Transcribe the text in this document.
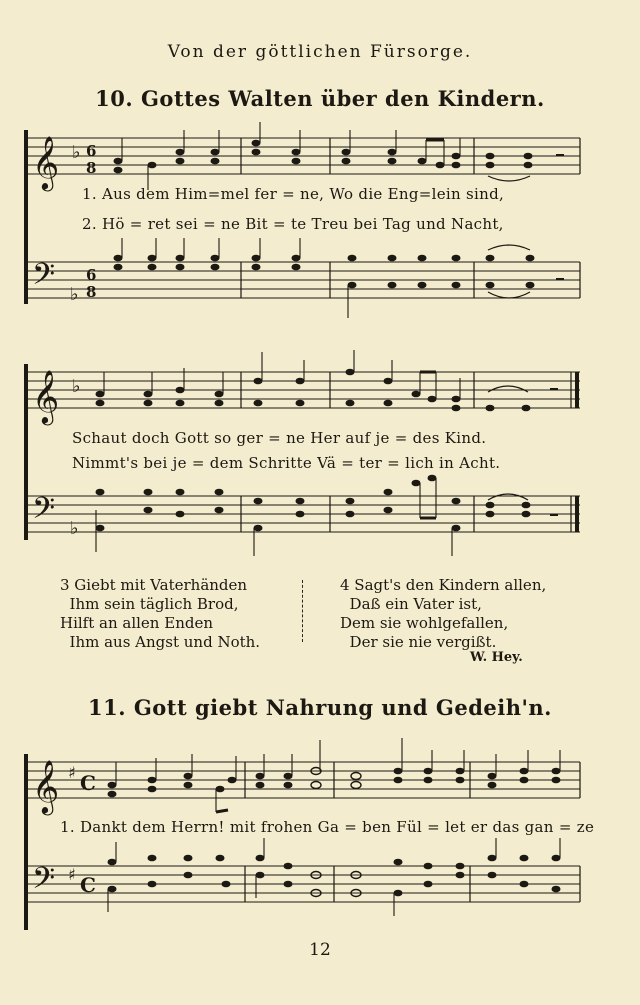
Von der göttlichen Fürsorge.
10. Gottes Walten über den Kindern.
𝄞 ♭ 6
8
𝄢 ♭
6
8
𝄞 ♭
𝄢 ♭
𝄞 ♯ C
𝄢 ♯ C
1. Aus dem Him=mel fer = ne, Wo die Eng=lein sind,
2. Hö = ret sei = ne Bit = te Treu bei Tag und Nacht,
Schaut doch Gott so ger = ne Her auf je = des Kind.
Nimmt's bei je = dem Schritte Vä = ter = lich in Acht.
3 Giebt mit Vaterhänden
Ihm sein täglich Brod,
Hilft an allen Enden
Ihm aus Angst und Noth.
4 Sagt's den Kindern allen,
Daß ein Vater ist,
Dem sie wohlgefallen,
Der sie nie vergißt.
W. Hey.
11. Gott giebt Nahrung und Gedeih'n.
1. Dankt dem Herrn! mit frohen Ga = ben Fül = let er das gan = ze
12
